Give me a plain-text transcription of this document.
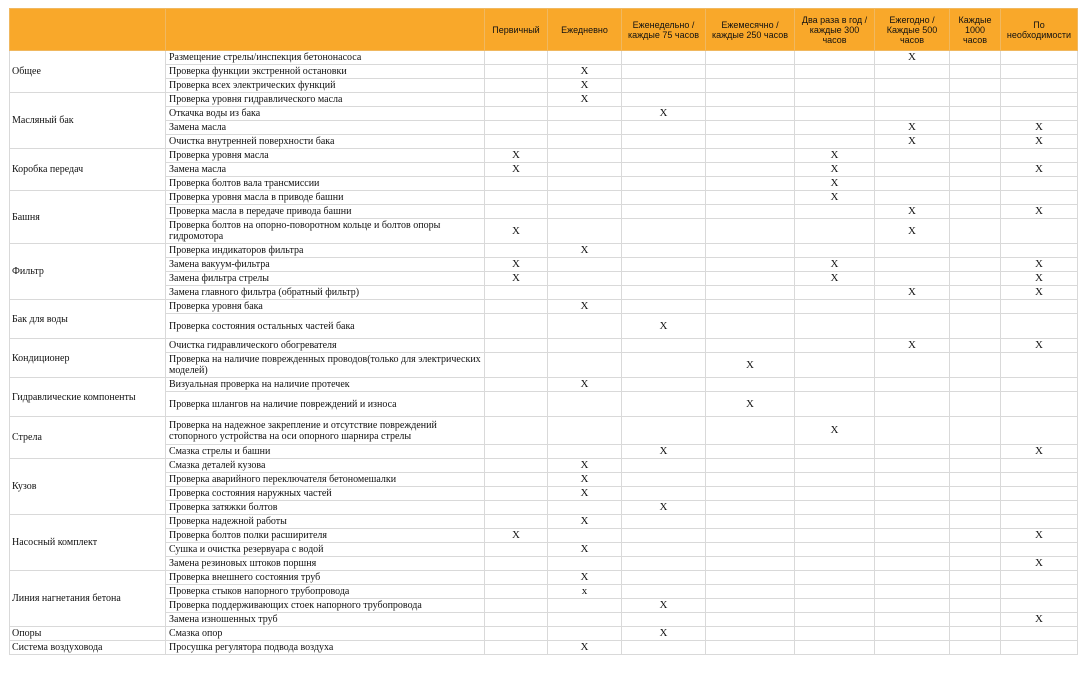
		Первичный	Ежедневно	Еженедельно / каждые 75 часов	Ежемесячно / каждые 250 часов	Два раза в год / каждые 300 часов	Ежегодно / Каждые 500 часов	Каждые 1000 часов	По необходимости
Общее	Размещение стрелы/инспекция бетононасоса						X		
	Проверка функции экстренной остановки		X						
	Проверка всех электрических функций		X						
Масляный бак	Проверка уровня гидравлического масла		X						
	Откачка воды из бака			X					
	Замена масла						X		X
	Очистка внутренней поверхности бака						X		X
Коробка передач	Проверка уровня масла	X				X			
	Замена масла	X				X			X
	Проверка болтов вала трансмиссии					X			
Башня	Проверка уровня масла в приводе башни					X			
	Проверка масла в передаче привода башни						X		X
	Проверка болтов на опорно-поворотном кольце и болтов опоры гидромотора	X					X		
Фильтр	Проверка индикаторов фильтра		X						
	Замена вакуум-фильтра	X				X			X
	Замена фильтра стрелы	X				X			X
	Замена главного фильтра (обратный фильтр)						X		X
Бак для воды	Проверка уровня бака		X						
	Проверка состояния остальных частей бака			X					
Кондиционер	Очистка гидравлического обогревателя						X		X
	Проверка на наличие поврежденных проводов(только для электрических моделей)				X				
Гидравлические компоненты	Визуальная проверка на наличие протечек		X						
	Проверка шлангов на наличие повреждений и износа				X				
Стрела	Проверка на надежное закрепление и отсутствие повреждений стопорного устройства на оси опорного шарнира стрелы					X			
	Смазка стрелы и башни			X					X
Кузов	Смазка деталей кузова		X						
	Проверка аварийного переключателя бетономешалки		X						
	Проверка состояния наружных частей		X						
	Проверка затяжки болтов			X					
Насосный комплект	Проверка надежной работы		X						
	Проверка болтов полки расширителя	X							X
	Сушка и очистка резервуара с водой		X						
	Замена резиновых штоков поршня								X
Линия нагнетания бетона	Проверка внешнего состояния труб		X						
	Проверка стыков напорного трубопровода		x						
	Проверка поддерживающих стоек напорного трубопровода			X					
	Замена изношенных труб								X
Опоры	Смазка опор			X					
Система воздуховода	Просушка регулятора подвода воздуха		X						
